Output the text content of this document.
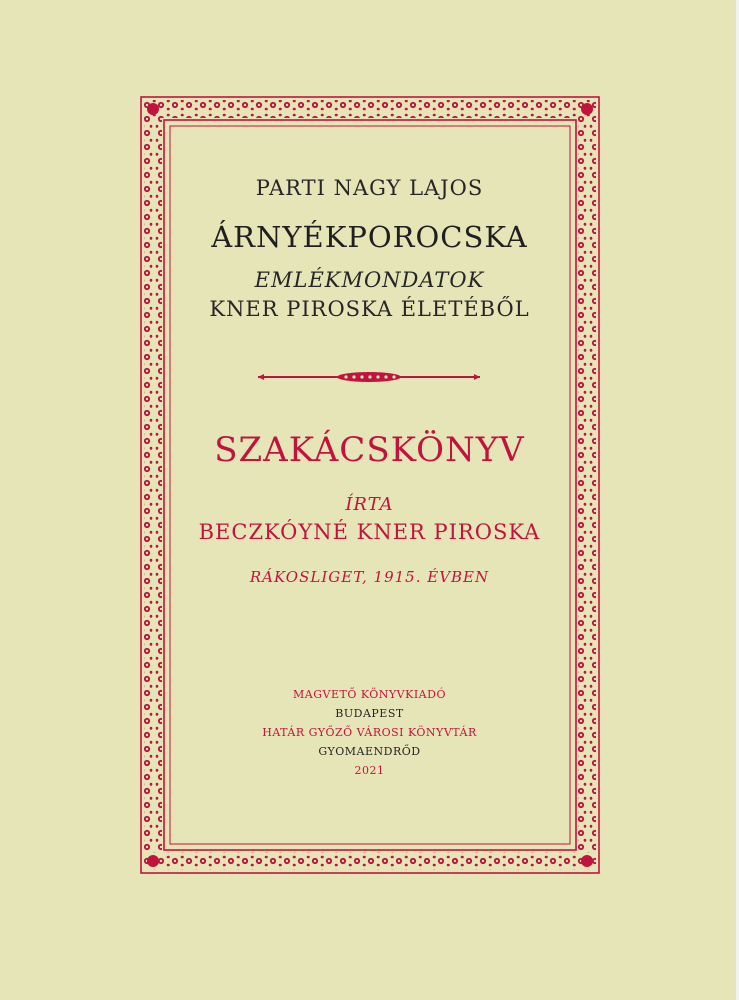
PARTI NAGY LAJOS

ÁRNYÉKPOROCSKA

EMLÉKMONDATOK

KNER PIROSKA ÉLETÉBŐL

SZAKÁCSKÖNYV

ÍRTA

BECZKÓYNÉ KNER PIROSKA

RÁKOSLIGET, 1915. ÉVBEN

MAGVETŐ KÖNYVKIADÓ

BUDAPEST

HATÁR GYŐZŐ VÁROSI KÖNYVTÁR

GYOMAENDRŐD

2021
